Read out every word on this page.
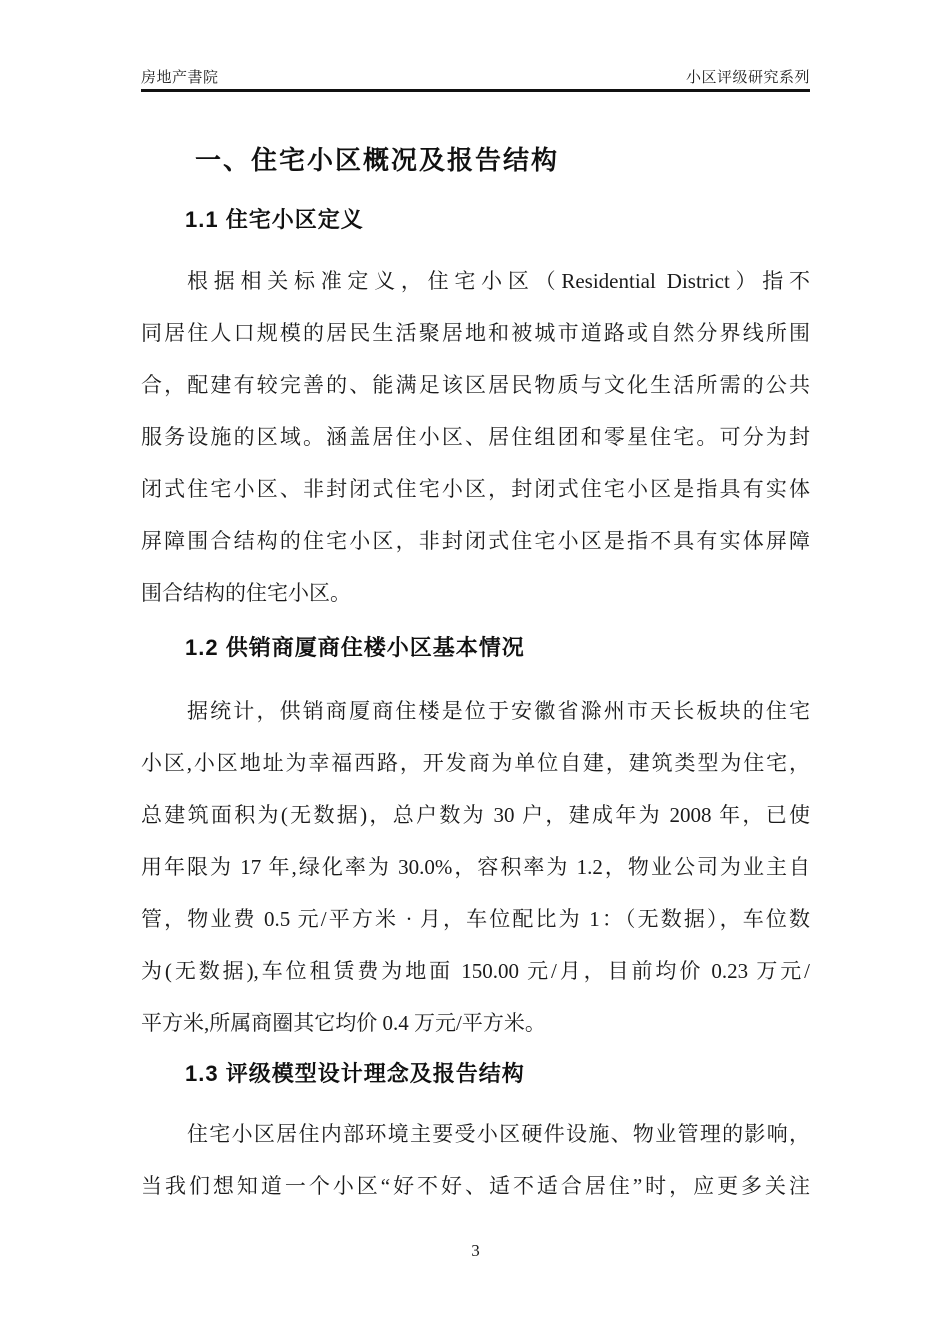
房地产書院	小区评级研究系列
一、住宅小区概况及报告结构
1.1 住宅小区定义
根据相关标准定义，住宅小区（Residential District）指不
同居住人口规模的居民生活聚居地和被城市道路或自然分界线所围
合，配建有较完善的、能满足该区居民物质与文化生活所需的公共
服务设施的区域。涵盖居住小区、居住组团和零星住宅。可分为封
闭式住宅小区、非封闭式住宅小区，封闭式住宅小区是指具有实体
屏障围合结构的住宅小区，非封闭式住宅小区是指不具有实体屏障
围合结构的住宅小区。
1.2 供销商厦商住楼小区基本情况
据统计，供销商厦商住楼是位于安徽省滁州市天长板块的住宅
小区,小区地址为幸福西路，开发商为单位自建，建筑类型为住宅，
总建筑面积为(无数据)，总户数为 30 户，建成年为 2008 年，已使
用年限为 17 年,绿化率为 30.0%，容积率为 1.2，物业公司为业主自
管，物业费 0.5 元/平方米 · 月，车位配比为 1：（无数据），车位数
为(无数据),车位租赁费为地面 150.00 元/月，目前均价 0.23 万元/
平方米,所属商圈其它均价 0.4 万元/平方米。
1.3 评级模型设计理念及报告结构
住宅小区居住内部环境主要受小区硬件设施、物业管理的影响，
当我们想知道一个小区“好不好、适不适合居住”时，应更多关注
3
